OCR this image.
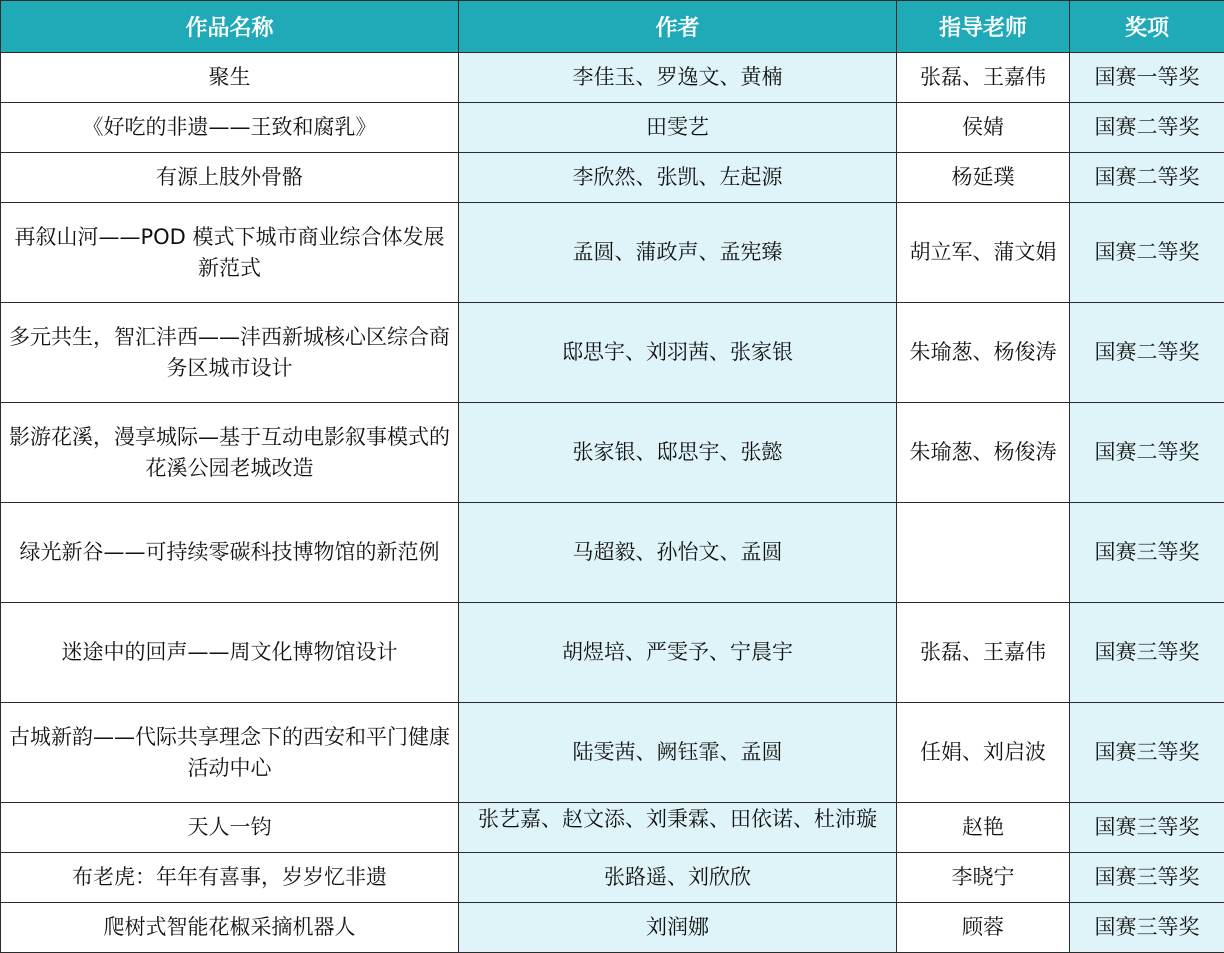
作品名称	作者	指导老师	奖项
聚生	李佳玉、罗逸文、黄楠	张磊、王嘉伟	国赛一等奖
《好吃的非遗——王致和腐乳》	田雯艺	侯婧	国赛二等奖
有源上肢外骨骼	李欣然、张凯、左起源	杨延璞	国赛二等奖
再叙山河——POD 模式下城市商业综合体发展新范式	孟圆、蒲政声、孟宪臻	胡立军、蒲文娟	国赛二等奖
多元共生，智汇沣西——沣西新城核心区综合商务区城市设计	邸思宇、刘羽茜、张家银	朱瑜葱、杨俊涛	国赛二等奖
影游花溪，漫享城际—基于互动电影叙事模式的花溪公园老城改造	张家银、邸思宇、张懿	朱瑜葱、杨俊涛	国赛二等奖
绿光新谷——可持续零碳科技博物馆的新范例	马超毅、孙怡文、孟圆		国赛三等奖
迷途中的回声——周文化博物馆设计	胡煜培、严雯予、宁晨宇	张磊、王嘉伟	国赛三等奖
古城新韵——代际共享理念下的西安和平门健康活动中心	陆雯茜、阙钰霏、孟圆	任娟、刘启波	国赛三等奖
天人一钧	张艺嘉、赵文添、刘秉霖、田依诺、杜沛璇	赵艳	国赛三等奖
布老虎：年年有喜事，岁岁忆非遗	张路遥、刘欣欣	李晓宁	国赛三等奖
爬树式智能花椒采摘机器人	刘润娜	顾蓉	国赛三等奖
